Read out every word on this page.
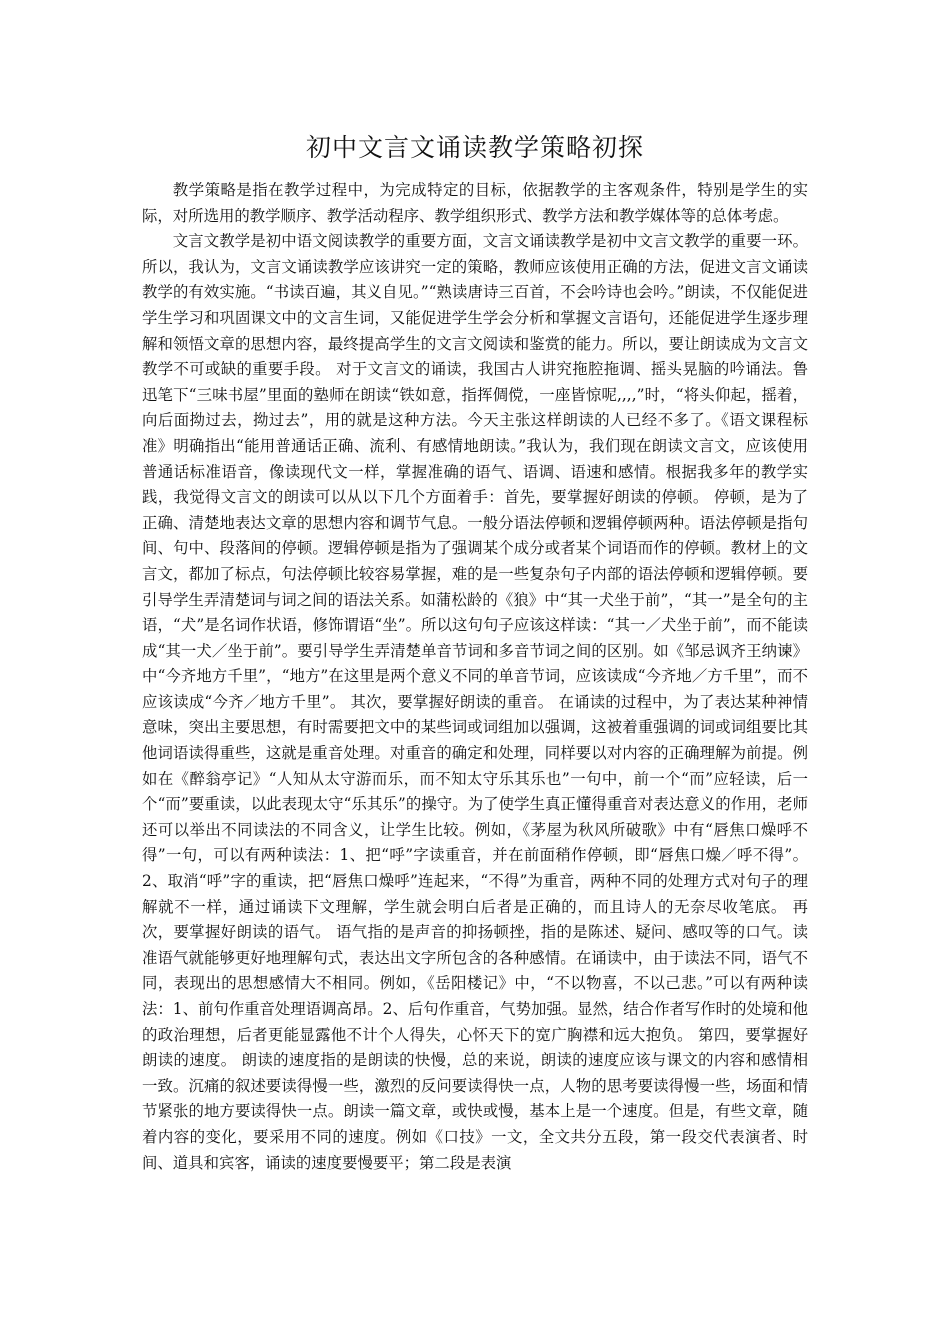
初中文言文诵读教学策略初探

教学策略是指在教学过程中，为完成特定的目标，依据教学的主客观条件，特别是学生的实际，对所选用的教学顺序、教学活动程序、教学组织形式、教学方法和教学媒体等的总体考虑。

文言文教学是初中语文阅读教学的重要方面，文言文诵读教学是初中文言文教学的重要一环。所以，我认为，文言文诵读教学应该讲究一定的策略，教师应该使用正确的方法，促进文言文诵读教学的有效实施。“书读百遍，其义自见。”“熟读唐诗三百首，不会吟诗也会吟。”朗读，不仅能促进学生学习和巩固课文中的文言生词，又能促进学生学会分析和掌握文言语句，还能促进学生逐步理解和领悟文章的思想内容，最终提高学生的文言文阅读和鉴赏的能力。所以，要让朗读成为文言文教学不可或缺的重要手段。 对于文言文的诵读，我国古人讲究拖腔拖调、摇头晃脑的吟诵法。鲁迅笔下“三味书屋”里面的塾师在朗读“铁如意，指挥倜傥，一座皆惊呢,,,,”时，“将头仰起，摇着，向后面拗过去，拗过去”，用的就是这种方法。今天主张这样朗读的人已经不多了。《语文课程标准》明确指出“能用普通话正确、流利、有感情地朗读。”我认为，我们现在朗读文言文，应该使用普通话标准语音，像读现代文一样，掌握准确的语气、语调、语速和感情。根据我多年的教学实践，我觉得文言文的朗读可以从以下几个方面着手：首先，要掌握好朗读的停顿。 停顿，是为了正确、清楚地表达文章的思想内容和调节气息。一般分语法停顿和逻辑停顿两种。语法停顿是指句间、句中、段落间的停顿。逻辑停顿是指为了强调某个成分或者某个词语而作的停顿。教材上的文言文，都加了标点，句法停顿比较容易掌握，难的是一些复杂句子内部的语法停顿和逻辑停顿。要引导学生弄清楚词与词之间的语法关系。如蒲松龄的《狼》中“其一犬坐于前”，“其一”是全句的主语，“犬”是名词作状语，修饰谓语“坐”。所以这句句子应该这样读：“其一／犬坐于前”，而不能读成“其一犬／坐于前”。要引导学生弄清楚单音节词和多音节词之间的区别。如《邹忌讽齐王纳谏》中“今齐地方千里”，“地方”在这里是两个意义不同的单音节词，应该读成“今齐地／方千里”，而不应该读成“今齐／地方千里”。 其次，要掌握好朗读的重音。 在诵读的过程中，为了表达某种神情意味，突出主要思想，有时需要把文中的某些词或词组加以强调，这被着重强调的词或词组要比其他词语读得重些，这就是重音处理。对重音的确定和处理，同样要以对内容的正确理解为前提。例如在《醉翁亭记》“人知从太守游而乐，而不知太守乐其乐也”一句中，前一个“而”应轻读，后一个“而”要重读，以此表现太守“乐其乐”的操守。为了使学生真正懂得重音对表达意义的作用，老师还可以举出不同读法的不同含义，让学生比较。例如，《茅屋为秋风所破歌》中有“唇焦口燥呼不得”一句，可以有两种读法：1、把“呼”字读重音，并在前面稍作停顿，即“唇焦口燥／呼不得”。2、取消“呼”字的重读，把“唇焦口燥呼”连起来，“不得”为重音，两种不同的处理方式对句子的理解就不一样，通过诵读下文理解，学生就会明白后者是正确的，而且诗人的无奈尽收笔底。 再次，要掌握好朗读的语气。 语气指的是声音的抑扬顿挫，指的是陈述、疑问、感叹等的口气。读准语气就能够更好地理解句式，表达出文字所包含的各种感情。在诵读中，由于读法不同，语气不同，表现出的思想感情大不相同。例如，《岳阳楼记》中，“不以物喜，不以己悲。”可以有两种读法：1、前句作重音处理语调高昂。2、后句作重音，气势加强。显然，结合作者写作时的处境和他的政治理想，后者更能显露他不计个人得失，心怀天下的宽广胸襟和远大抱负。 第四，要掌握好朗读的速度。 朗读的速度指的是朗读的快慢，总的来说，朗读的速度应该与课文的内容和感情相一致。沉痛的叙述要读得慢一些，激烈的反问要读得快一点，人物的思考要读得慢一些，场面和情节紧张的地方要读得快一点。朗读一篇文章，或快或慢，基本上是一个速度。但是，有些文章，随着内容的变化，要采用不同的速度。例如《口技》一文，全文共分五段，第一段交代表演者、时间、道具和宾客，诵读的速度要慢要平；第二段是表演
